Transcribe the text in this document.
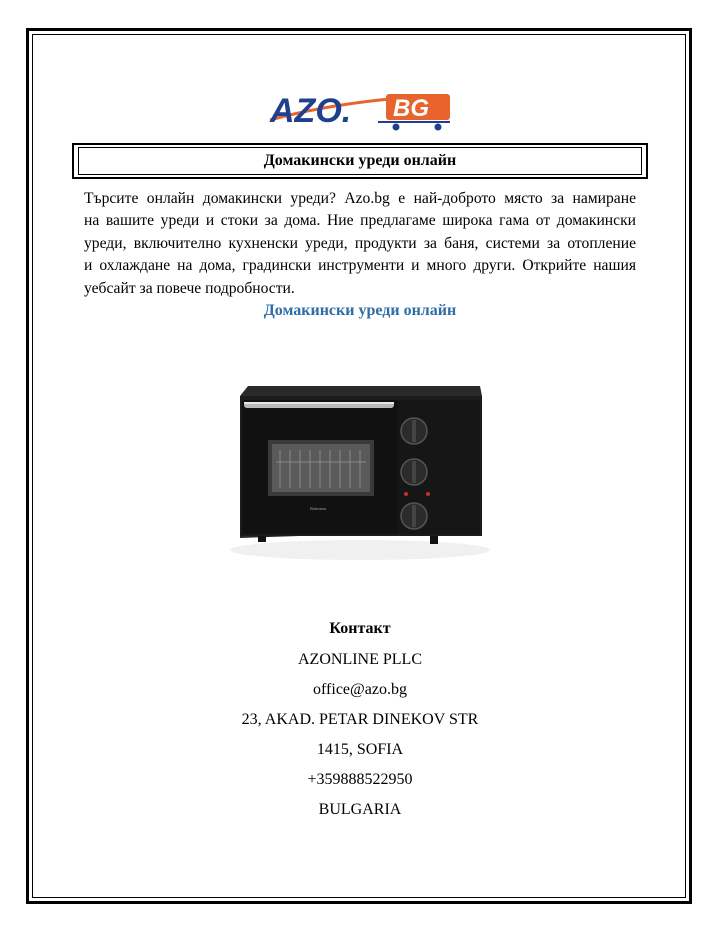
AZO. BG
Домакински уреди онлайн

Търсите онлайн домакински уреди? Azo.bg е най-доброто място за намиране
на вашите уреди и стоки за дома. Ние предлагаме широка гама от домакински
уреди, включително кухненски уреди, продукти за баня, системи за отопление
и охлаждане на дома, градински инструменти и много други. Открийте нашия
уебсайт за повече подробности.

Домакински уреди онлайн
Rohnson
Контакт
AZONLINE PLLC
office@azo.bg
23, AKAD. PETAR DINEKOV STR
1415, SOFIA
+359888522950
BULGARIA
